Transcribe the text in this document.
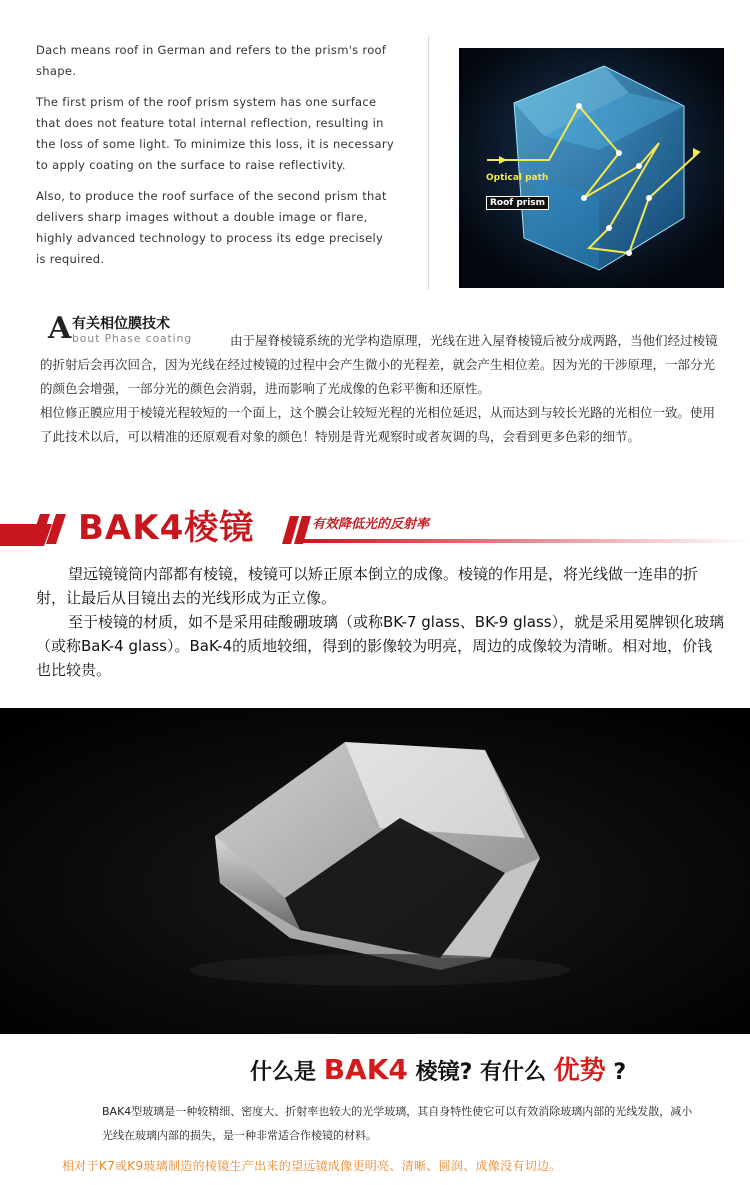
Dach means roof in German and refers to the prism's roof shape.

The first prism of the roof prism system has one surface that does not feature total internal reflection, resulting in the loss of some light. To minimize this loss, it is necessary to apply coating on the surface to raise reflectivity.

Also, to produce the roof surface of the second prism that delivers sharp images without a double image or flare, highly advanced technology to process its edge precisely is required.

Optical path
Roof prism
A 有关相位膜技术
bout Phase coating	由于屋脊棱镜系统的光学构造原理，光线在进入屋脊棱镜后被分成两路，当他们经过棱镜的折射后会再次回合，因为光线在经过棱镜的过程中会产生微小的光程差，就会产生相位差。因为光的干涉原理，一部分光的颜色会增强，一部分光的颜色会消弱，进而影响了光成像的色彩平衡和还原性。
相位修正膜应用于棱镜光程较短的一个面上，这个膜会让较短光程的光相位延迟，从而达到与较长光路的光相位一致。使用了此技术以后，可以精准的还原观看对象的颜色！特别是背光观察时或者灰调的鸟，会看到更多色彩的细节。
BAK4棱镜	有效降低光的反射率

望远镜镜筒内部都有棱镜，棱镜可以矫正原本倒立的成像。棱镜的作用是，将光线做一连串的折射，让最后从目镜出去的光线形成为正立像。

至于棱镜的材质，如不是采用硅酸硼玻璃（或称BK-7 glass、BK-9 glass），就是采用冕牌钡化玻璃（或称BaK-4 glass）。BaK-4的质地较细，得到的影像较为明亮，周边的成像较为清晰。相对地，价钱也比较贵。

什么是 BAK4 棱镜? 有什么 优势 ?
BAK4型玻璃是一种较精细、密度大、折射率也较大的光学玻璃，其自身特性使它可以有效消除玻璃内部的光线发散，减小光线在玻璃内部的损失，是一种非常适合作棱镜的材料。
相对于K7或K9玻璃制造的棱镜生产出来的望远镜成像更明亮、清晰、圆润、成像没有切边。
